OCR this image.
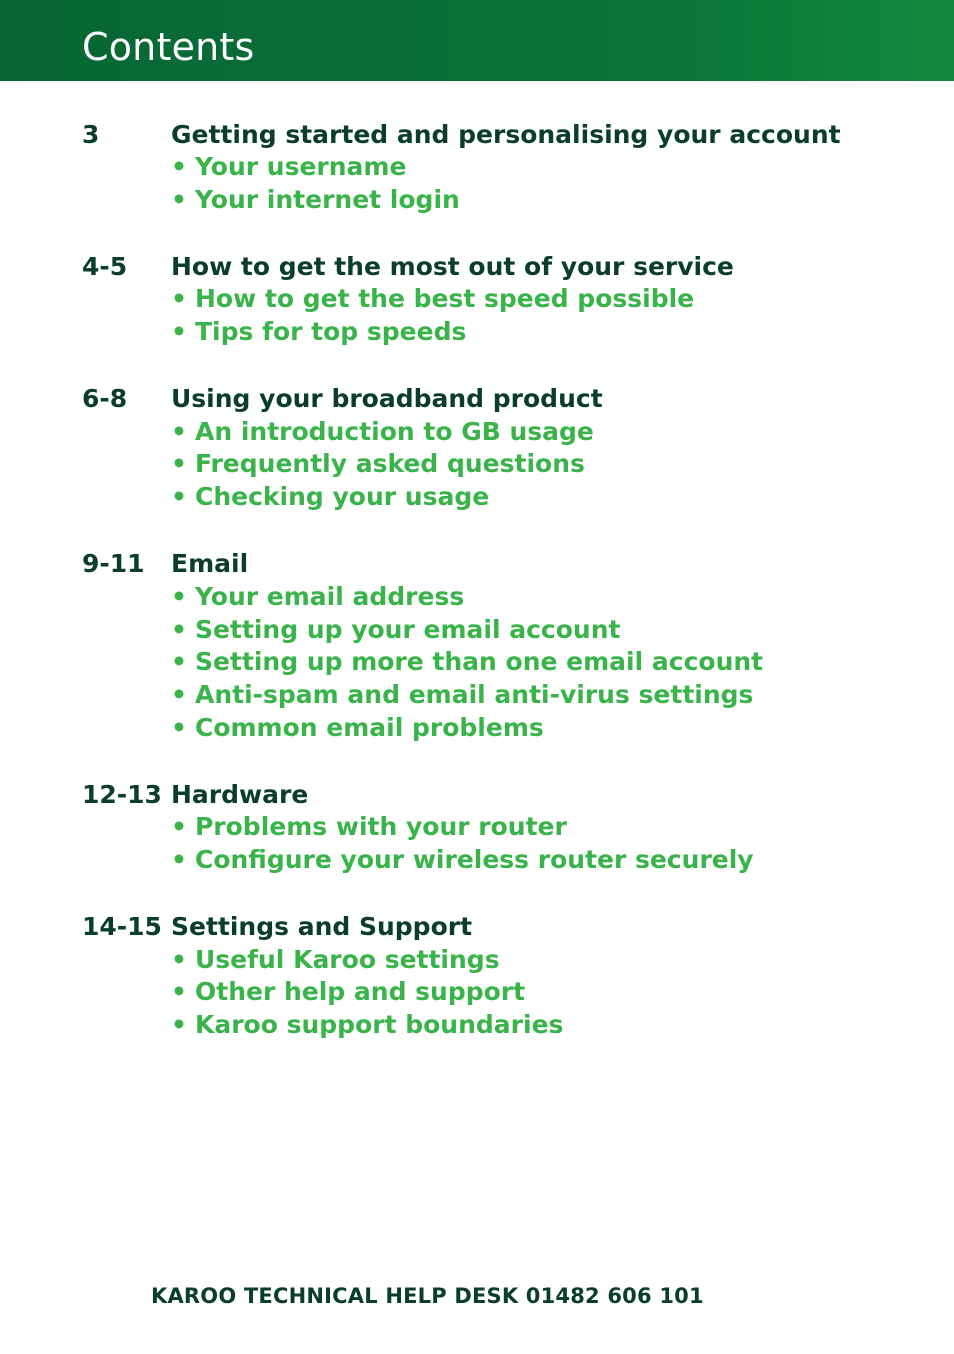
Contents
3	Getting started and personalising your account
• Your username
• Your internet login
4-5	How to get the most out of your service
• How to get the best speed possible
• Tips for top speeds
6-8	Using your broadband product
• An introduction to GB usage
• Frequently asked questions
• Checking your usage
9-11	Email
• Your email address
• Setting up your email account
• Setting up more than one email account
• Anti-spam and email anti-virus settings
• Common email problems
12-13 Hardware
• Problems with your router
• Configure your wireless router securely
14-15 Settings and Support
• Useful Karoo settings
• Other help and support
• Karoo support boundaries
KAROO TECHNICAL HELP DESK 01482 606 101
